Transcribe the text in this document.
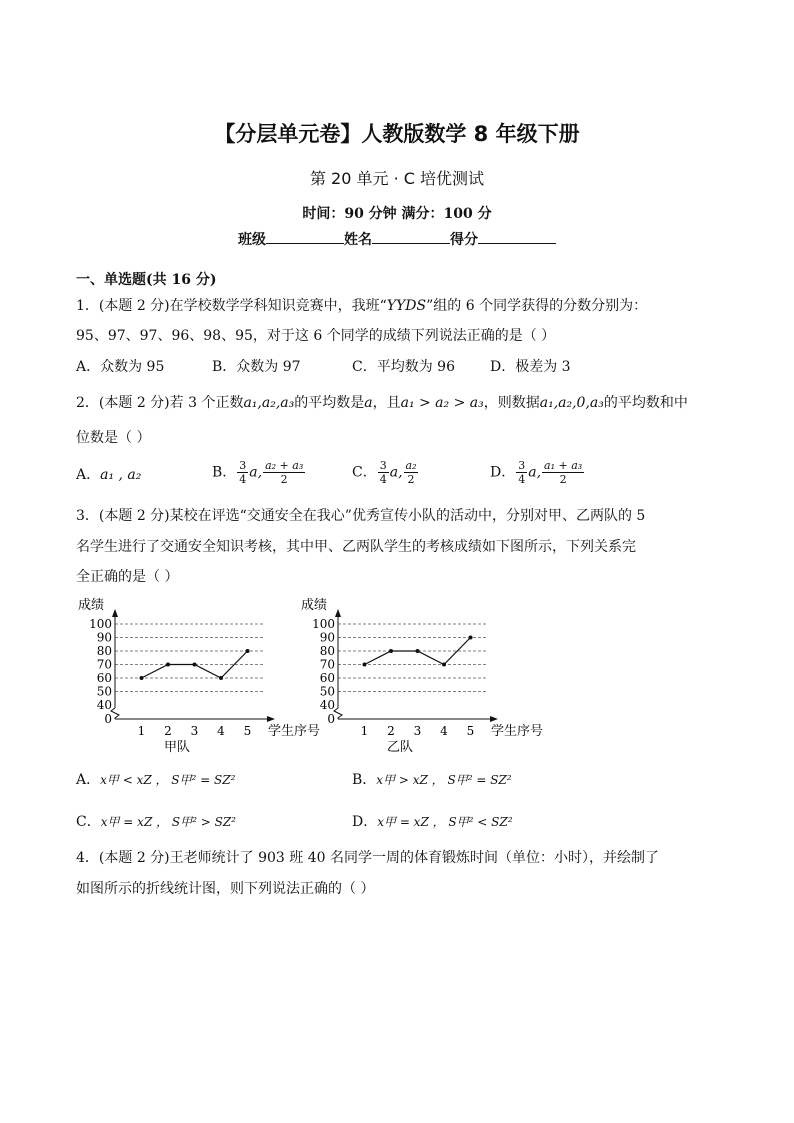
【分层单元卷】人教版数学 8 年级下册
第 20 单元 · C 培优测试
时间：90 分钟 满分：100 分
班级	姓名	得分
一、单选题(共 16 分)
1．(本题 2 分)在学校数学学科知识竞赛中，我班“YYDS”组的 6 个同学获得的分数分别为：
95、97、97、96、98、95，对于这 6 个同学的成绩下列说法正确的是（ ）
A．众数为 95	B．众数为 97	C．平均数为 96	D．极差为 3
2．(本题 2 分)若 3 个正数a₁,a₂,a₃的平均数是a，且a₁ > a₂ > a₃，则数据a₁,a₂,0,a₃的平均数和中
位数是（ ）
A．a₁ , a₂	B． $\frac{3}{4} a$, $\frac{\text{a₂ + a₃}}{2}$	C． $\frac{3}{4} a$, $\frac{\text{a₂}}{2}$	D． $\frac{3}{4} a$, $\frac{\text{a₁ + a₃}}{2}$
3．(本题 2 分)某校在评选“交通安全在我心”优秀宣传小队的活动中，分别对甲、乙两队的 5
名学生进行了交通安全知识考核，其中甲、乙两队学生的考核成绩如下图所示，下列关系完
全正确的是（ ）
成绩
0
40
50
60
70
80
90
100
1 2 3 4 5 学生序号
甲队
成绩
0
40
50
60
70
80
90
100
1 2 3 4 5 学生序号
乙队
A．x甲 < xZ ， S甲² = SZ²	B．x甲 > xZ ， S甲² = SZ²
C．x甲 = xZ ， S甲² > SZ²	D．x甲 = xZ ， S甲² < SZ²
4．(本题 2 分)王老师统计了 903 班 40 名同学一周的体育锻炼时间（单位：小时），并绘制了
如图所示的折线统计图，则下列说法正确的（ ）
